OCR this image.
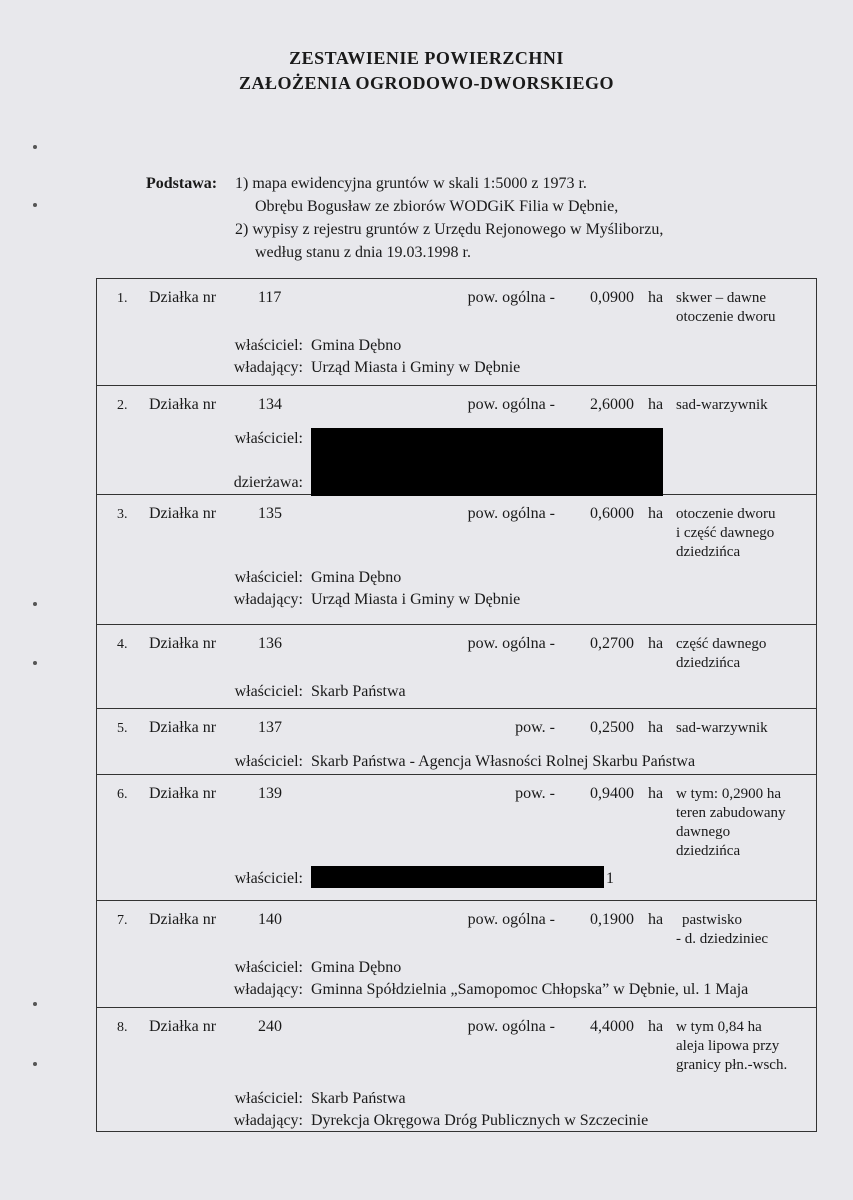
ZESTAWIENIE POWIERZCHNI
ZAŁOŻENIA OGRODOWO-DWORSKIEGO
Podstawa: 1) mapa ewidencyjna gruntów w skali 1:5000 z 1973 r.
Obrębu Bogusław ze zbiorów WODGiK Filia w Dębnie,
2) wypisy z rejestru gruntów z Urzędu Rejonowego w Myśliborzu,
według stanu z dnia 19.03.1998 r.
1. Działka nr	117	pow. ogólna - 0,0900 ha skwer – dawne
otoczenie dworu
właściciel: Gmina Dębno
władający: Urząd Miasta i Gminy w Dębnie
2. Działka nr	134	pow. ogólna - 2,6000 ha sad-warzywnik
właściciel:
dzierżawa:
3. Działka nr	135	pow. ogólna - 0,6000 ha otoczenie dworu
i część dawnego
dziedzińca
właściciel: Gmina Dębno
władający: Urząd Miasta i Gminy w Dębnie
4. Działka nr	136	pow. ogólna - 0,2700 ha część dawnego
dziedzińca
właściciel: Skarb Państwa
5. Działka nr	137	pow. - 0,2500 ha sad-warzywnik
właściciel: Skarb Państwa - Agencja Własności Rolnej Skarbu Państwa
6. Działka nr	139	pow. - 0,9400 ha w tym: 0,2900 ha
teren zabudowany
dawnego
dziedzińca
właściciel:	1
7. Działka nr	140	pow. ogólna - 0,1900 ha pastwisko
- d. dziedziniec
właściciel: Gmina Dębno
władający: Gminna Spółdzielnia „Samopomoc Chłopska” w Dębnie, ul. 1 Maja
8. Działka nr	240	pow. ogólna - 4,4000 ha w tym 0,84 ha
aleja lipowa przy
granicy płn.-wsch.
właściciel: Skarb Państwa
władający: Dyrekcja Okręgowa Dróg Publicznych w Szczecinie
